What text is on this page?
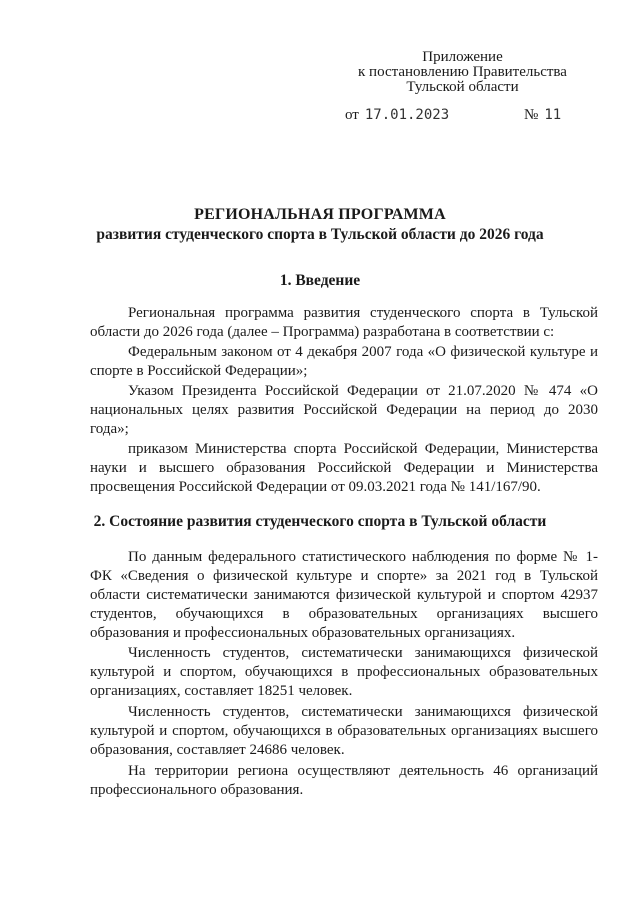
Приложение
к постановлению Правительства
Тульской области
от 17.01.2023	№ 11
РЕГИОНАЛЬНАЯ ПРОГРАММА
развития студенческого спорта в Тульской области до 2026 года
1. Введение

Региональная программа развития студенческого спорта в Тульской области до 2026 года (далее – Программа) разработана в соответствии с:

Федеральным законом от 4 декабря 2007 года «О физической культуре и спорте в Российской Федерации»;

Указом Президента Российской Федерации от 21.07.2020 № 474 «О национальных целях развития Российской Федерации на период до 2030 года»;

приказом Министерства спорта Российской Федерации, Министерства науки и высшего образования Российской Федерации и Министерства просвещения Российской Федерации от 09.03.2021 года № 141/167/90.

2. Состояние развития студенческого спорта в Тульской области

По данным федерального статистического наблюдения по форме № 1-ФК «Сведения о физической культуре и спорте» за 2021 год в Тульской области систематически занимаются физической культурой и спортом 42937 студентов, обучающихся в образовательных организациях высшего образования и профессиональных образовательных организациях.

Численность студентов, систематически занимающихся физической культурой и спортом, обучающихся в профессиональных образовательных организациях, составляет 18251 человек.

Численность студентов, систематически занимающихся физической культурой и спортом, обучающихся в образовательных организациях высшего образования, составляет 24686 человек.

На территории региона осуществляют деятельность 46 организаций профессионального образования.
